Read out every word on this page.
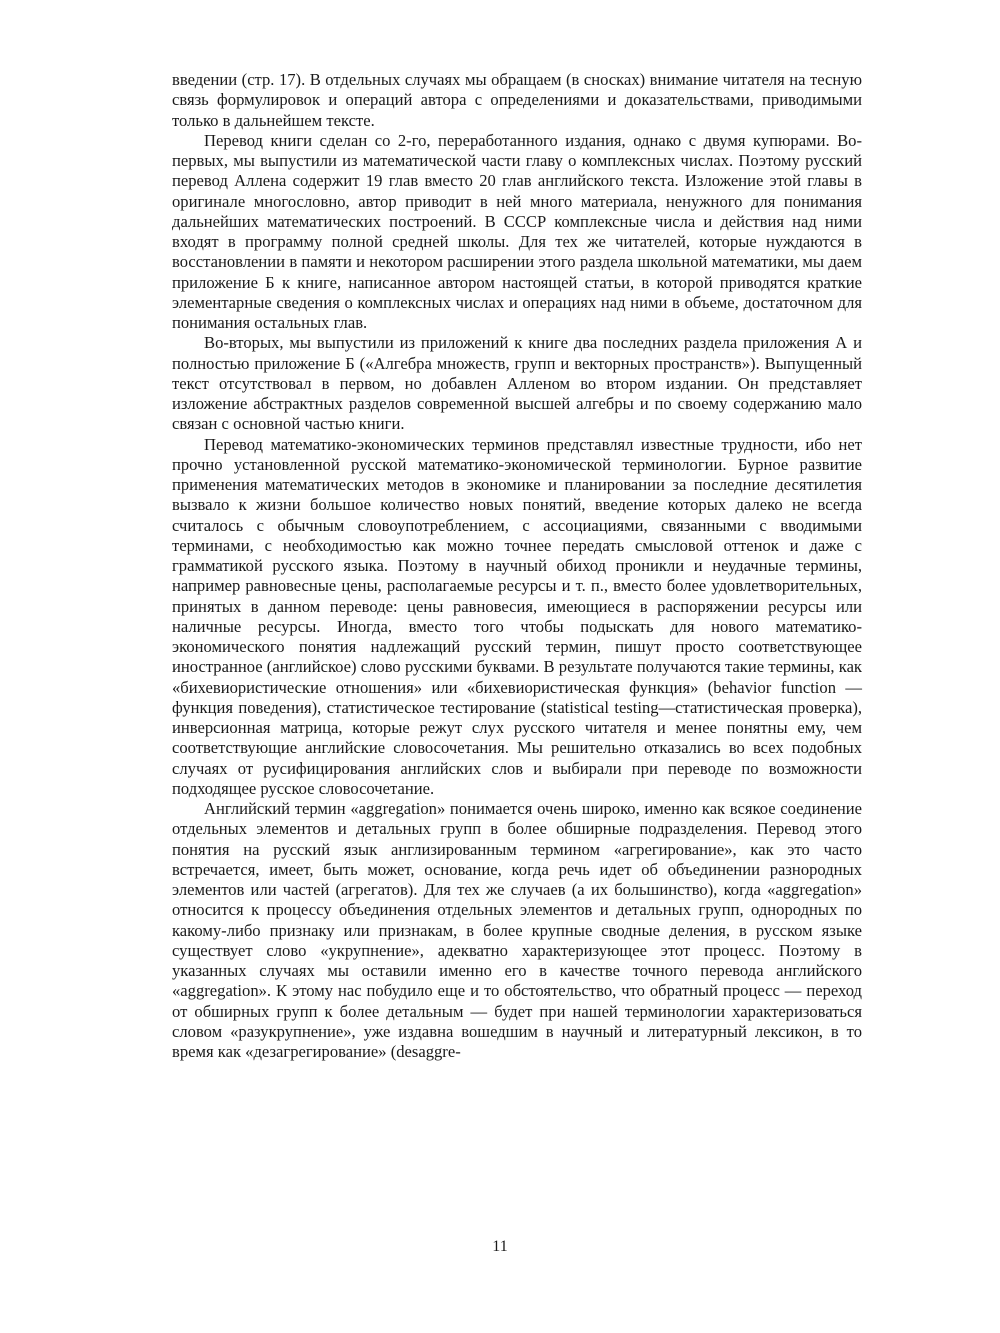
введении (стр. 17). В отдельных случаях мы обращаем (в сносках) внимание читателя на тесную связь формулировок и операций автора с определениями и доказательствами, приводимыми только в дальнейшем тексте.

Перевод книги сделан со 2-го, переработанного издания, однако с двумя купюрами. Во-первых, мы выпустили из математической части главу о комплексных числах. Поэтому русский перевод Аллена содержит 19 глав вместо 20 глав английского текста. Изложение этой главы в оригинале многословно, автор приводит в ней много материала, ненужного для понимания дальнейших математических построений. В СССР комплексные числа и действия над ними входят в программу полной средней школы. Для тех же читателей, которые нуждаются в восстановлении в памяти и некотором расширении этого раздела школьной математики, мы даем приложение Б к книге, написанное автором настоящей статьи, в которой приводятся краткие элементарные сведения о комплексных числах и операциях над ними в объеме, достаточном для понимания остальных глав.

Во-вторых, мы выпустили из приложений к книге два последних раздела приложения А и полностью приложение Б («Алгебра множеств, групп и векторных пространств»). Выпущенный текст отсутствовал в первом, но добавлен Алленом во втором издании. Он представляет изложение абстрактных разделов современной высшей алгебры и по своему содержанию мало связан с основной частью книги.

Перевод математико-экономических терминов представлял известные трудности, ибо нет прочно установленной русской математико-экономической терминологии. Бурное развитие применения математических методов в экономике и планировании за последние десятилетия вызвало к жизни большое количество новых понятий, введение которых далеко не всегда считалось с обычным словоупотреблением, с ассоциациями, связанными с вводимыми терминами, с необходимостью как можно точнее передать смысловой оттенок и даже с грамматикой русского языка. Поэтому в научный обиход проникли и неудачные термины, например равновесные цены, располагаемые ресурсы и т. п., вместо более удовлетворительных, принятых в данном переводе: цены равновесия, имеющиеся в распоряжении ресурсы или наличные ресурсы. Иногда, вместо того чтобы подыскать для нового математико-экономического понятия надлежащий русский термин, пишут просто соответствующее иностранное (английское) слово русскими буквами. В результате получаются такие термины, как «бихевиористические отношения» или «бихевиористическая функция» (behavior function — функция поведения), статистическое тестирование (statistical testing—статистическая проверка), инверсионная матрица, которые режут слух русского читателя и менее понятны ему, чем соответствующие английские словосочетания. Мы решительно отказались во всех подобных случаях от русифицирования английских слов и выбирали при переводе по возможности подходящее русское словосочетание.

Английский термин «aggregation» понимается очень широко, именно как всякое соединение отдельных элементов и детальных групп в более обширные подразделения. Перевод этого понятия на русский язык англизированным термином «агрегирование», как это часто встречается, имеет, быть может, основание, когда речь идет об объединении разнородных элементов или частей (агрегатов). Для тех же случаев (а их большинство), когда «aggregation» относится к процессу объединения отдельных элементов и детальных групп, однородных по какому-либо признаку или признакам, в более крупные сводные деления, в русском языке существует слово «укрупнение», адекватно характеризующее этот процесс. Поэтому в указанных случаях мы оставили именно его в качестве точного перевода английского «aggregation». К этому нас побудило еще и то обстоятельство, что обратный процесс — переход от обширных групп к более детальным — будет при нашей терминологии характеризоваться словом «разукрупнение», уже издавна вошедшим в научный и литературный лексикон, в то время как «дезагрегирование» (desaggre-

11
